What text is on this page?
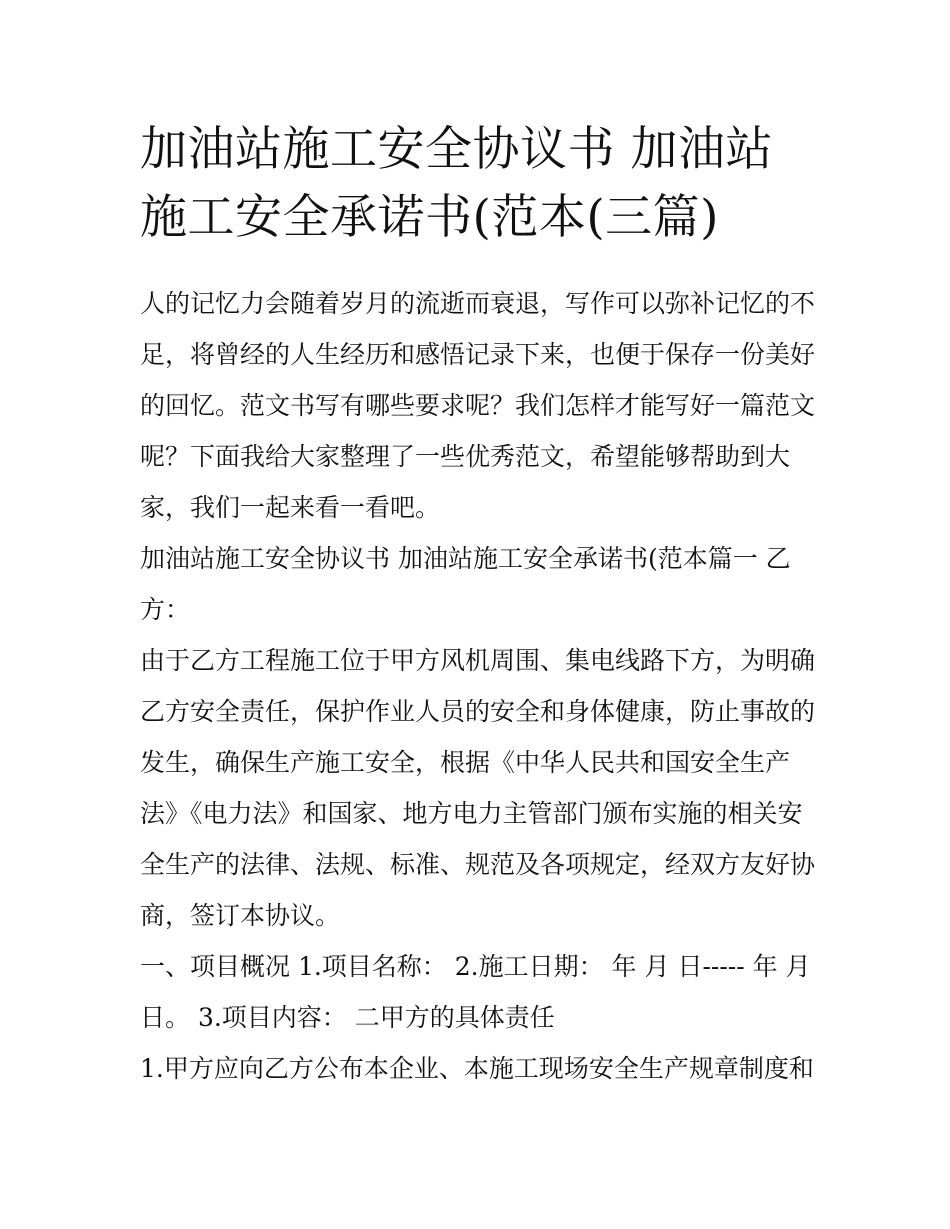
加油站施工安全协议书 加油站施工安全承诺书(范本(三篇)

人的记忆力会随着岁月的流逝而衰退，写作可以弥补记忆的不足，将曾经的人生经历和感悟记录下来，也便于保存一份美好的回忆。范文书写有哪些要求呢？我们怎样才能写好一篇范文呢？下面我给大家整理了一些优秀范文，希望能够帮助到大家，我们一起来看一看吧。

加油站施工安全协议书 加油站施工安全承诺书(范本篇一 乙方：

由于乙方工程施工位于甲方风机周围、集电线路下方，为明确乙方安全责任，保护作业人员的安全和身体健康，防止事故的发生，确保生产施工安全，根据《中华人民共和国安全生产法》《电力法》和国家、地方电力主管部门颁布实施的相关安全生产的法律、法规、标准、规范及各项规定，经双方友好协商，签订本协议。

一、项目概况 1.项目名称： 2.施工日期： 年 月 日----- 年 月日。 3.项目内容： 二甲方的具体责任

1.甲方应向乙方公布本企业、本施工现场安全生产规章制度和
